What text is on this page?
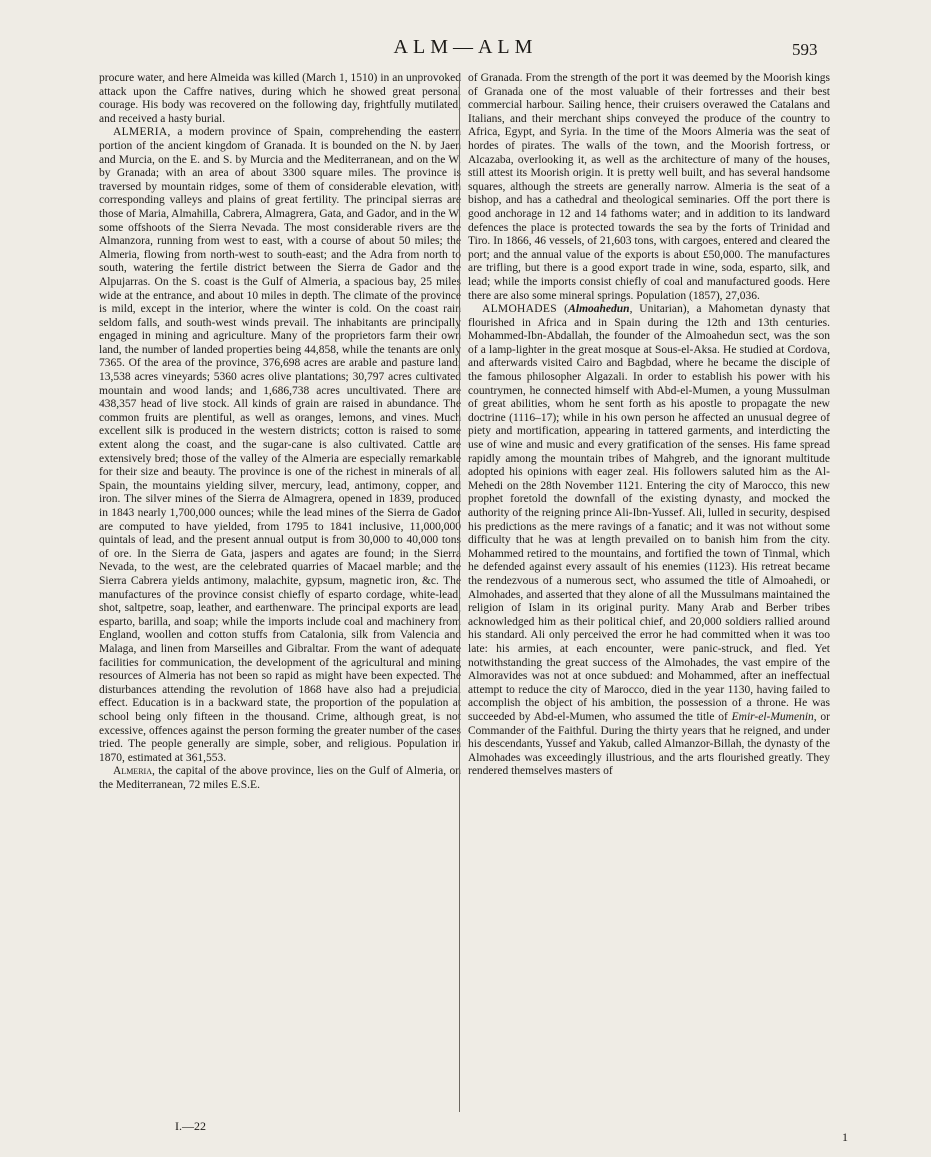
ALM—ALM	593

procure water, and here Almeida was killed (March 1, 1510) in an unprovoked attack upon the Caffre natives, during which he showed great personal courage. His body was recovered on the following day, frightfully mutilated, and received a hasty burial.

ALMERIA, a modern province of Spain, comprehending the eastern portion of the ancient kingdom of Granada. It is bounded on the N. by Jaen and Murcia, on the E. and S. by Murcia and the Mediterranean, and on the W. by Granada; with an area of about 3300 square miles. The province is traversed by mountain ridges, some of them of considerable elevation, with corresponding valleys and plains of great fertility. The principal sierras are those of Maria, Almahilla, Cabrera, Almagrera, Gata, and Gador, and in the W. some offshoots of the Sierra Nevada. The most considerable rivers are the Almanzora, running from west to east, with a course of about 50 miles; the Almeria, flowing from north-west to south-east; and the Adra from north to south, watering the fertile district between the Sierra de Gador and the Alpujarras. On the S. coast is the Gulf of Almeria, a spacious bay, 25 miles wide at the entrance, and about 10 miles in depth. The climate of the province is mild, except in the interior, where the winter is cold. On the coast rain seldom falls, and south-west winds prevail. The inhabitants are principally engaged in mining and agriculture. Many of the proprietors farm their own land, the number of landed properties being 44,858, while the tenants are only 7365. Of the area of the province, 376,698 acres are arable and pasture land; 13,538 acres vineyards; 5360 acres olive plantations; 30,797 acres cultivated mountain and wood lands; and 1,686,738 acres uncultivated. There are 438,357 head of live stock. All kinds of grain are raised in abundance. The common fruits are plentiful, as well as oranges, lemons, and vines. Much excellent silk is produced in the western districts; cotton is raised to some extent along the coast, and the sugar-cane is also cultivated. Cattle are extensively bred; those of the valley of the Almeria are especially remarkable for their size and beauty. The province is one of the richest in minerals of all Spain, the mountains yielding silver, mercury, lead, antimony, copper, and iron. The silver mines of the Sierra de Almagrera, opened in 1839, produced in 1843 nearly 1,700,000 ounces; while the lead mines of the Sierra de Gador are computed to have yielded, from 1795 to 1841 inclusive, 11,000,000 quintals of lead, and the present annual output is from 30,000 to 40,000 tons of ore. In the Sierra de Gata, jaspers and agates are found; in the Sierra Nevada, to the west, are the celebrated quarries of Macael marble; and the Sierra Cabrera yields antimony, malachite, gypsum, magnetic iron, &c. The manufactures of the province consist chiefly of esparto cordage, white-lead, shot, saltpetre, soap, leather, and earthenware. The principal exports are lead, esparto, barilla, and soap; while the imports include coal and machinery from England, woollen and cotton stuffs from Catalonia, silk from Valencia and Malaga, and linen from Marseilles and Gibraltar. From the want of adequate facilities for communication, the development of the agricultural and mining resources of Almeria has not been so rapid as might have been expected. The disturbances attending the revolution of 1868 have also had a prejudicial effect. Education is in a backward state, the proportion of the population at school being only fifteen in the thousand. Crime, although great, is not excessive, offences against the person forming the greater number of the cases tried. The people generally are simple, sober, and religious. Population in 1870, estimated at 361,553.

Almeria, the capital of the above province, lies on the Gulf of Almeria, on the Mediterranean, 72 miles E.S.E.

of Granada. From the strength of the port it was deemed by the Moorish kings of Granada one of the most valuable of their fortresses and their best commercial harbour. Sailing hence, their cruisers overawed the Catalans and Italians, and their merchant ships conveyed the produce of the country to Africa, Egypt, and Syria. In the time of the Moors Almeria was the seat of hordes of pirates. The walls of the town, and the Moorish fortress, or Alcazaba, overlooking it, as well as the architecture of many of the houses, still attest its Moorish origin. It is pretty well built, and has several handsome squares, although the streets are generally narrow. Almeria is the seat of a bishop, and has a cathedral and theological seminaries. Off the port there is good anchorage in 12 and 14 fathoms water; and in addition to its landward defences the place is protected towards the sea by the forts of Trinidad and Tiro. In 1866, 46 vessels, of 21,603 tons, with cargoes, entered and cleared the port; and the annual value of the exports is about £50,000. The manufactures are trifling, but there is a good export trade in wine, soda, esparto, silk, and lead; while the imports consist chiefly of coal and manufactured goods. Here there are also some mineral springs. Population (1857), 27,036.

ALMOHADES (Almoahedun, Unitarian), a Mahometan dynasty that flourished in Africa and in Spain during the 12th and 13th centuries. Mohammed-Ibn-Abdallah, the founder of the Almoahedun sect, was the son of a lamp-lighter in the great mosque at Sous-el-Aksa. He studied at Cordova, and afterwards visited Cairo and Bagbdad, where he became the disciple of the famous philosopher Algazali. In order to establish his power with his countrymen, he connected himself with Abd-el-Mumen, a young Mussulman of great abilities, whom he sent forth as his apostle to propagate the new doctrine (1116–17); while in his own person he affected an unusual degree of piety and mortification, appearing in tattered garments, and interdicting the use of wine and music and every gratification of the senses. His fame spread rapidly among the mountain tribes of Mahgreb, and the ignorant multitude adopted his opinions with eager zeal. His followers saluted him as the Al-Mehedi on the 28th November 1121. Entering the city of Marocco, this new prophet foretold the downfall of the existing dynasty, and mocked the authority of the reigning prince Ali-Ibn-Yussef. Ali, lulled in security, despised his predictions as the mere ravings of a fanatic; and it was not without some difficulty that he was at length prevailed on to banish him from the city. Mohammed retired to the mountains, and fortified the town of Tinmal, which he defended against every assault of his enemies (1123). His retreat became the rendezvous of a numerous sect, who assumed the title of Almoahedi, or Almohades, and asserted that they alone of all the Mussulmans maintained the religion of Islam in its original purity. Many Arab and Berber tribes acknowledged him as their political chief, and 20,000 soldiers rallied around his standard. Ali only perceived the error he had committed when it was too late: his armies, at each encounter, were panic-struck, and fled. Yet notwithstanding the great success of the Almohades, the vast empire of the Almoravides was not at once subdued: and Mohammed, after an ineffectual attempt to reduce the city of Marocco, died in the year 1130, having failed to accomplish the object of his ambition, the possession of a throne. He was succeeded by Abd-el-Mumen, who assumed the title of Emir-el-Mumenin, or Commander of the Faithful. During the thirty years that he reigned, and under his descendants, Yussef and Yakub, called Almanzor-Billah, the dynasty of the Almohades was exceedingly illustrious, and the arts flourished greatly. They rendered themselves masters of

I.—22
1
